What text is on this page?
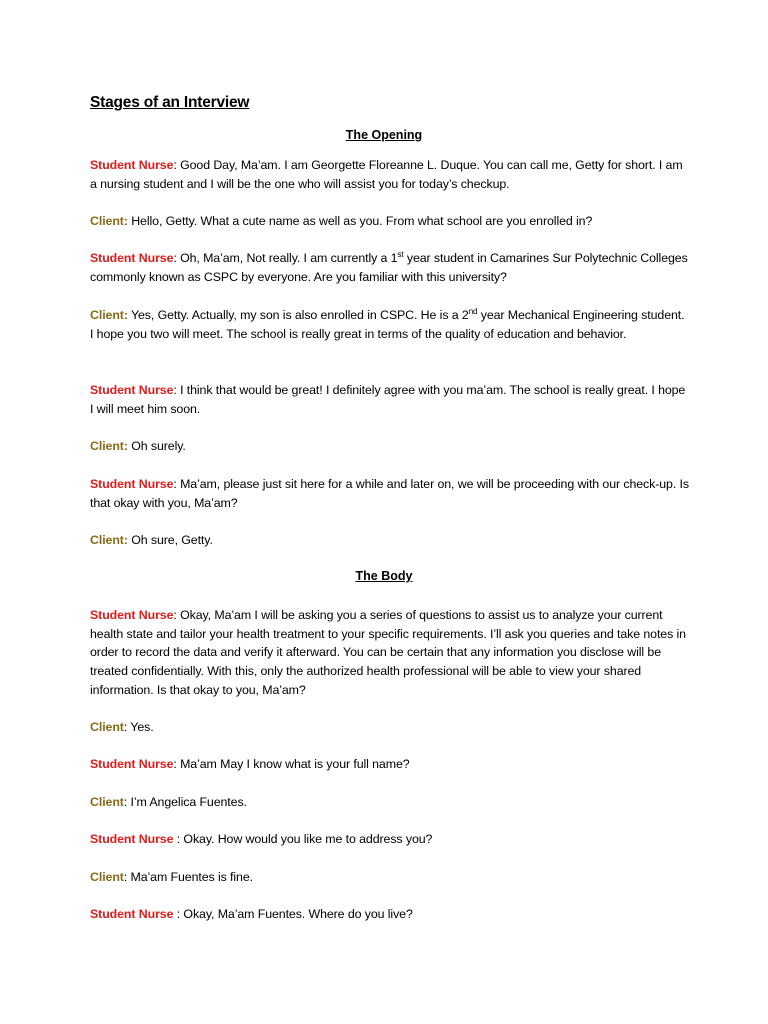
Stages of an Interview
The Opening

Student Nurse: Good Day, Ma’am. I am Georgette Floreanne L. Duque. You can call me, Getty for short. I am a nursing student and I will be the one who will assist you for today’s checkup.

Client: Hello, Getty. What a cute name as well as you. From what school are you enrolled in?

Student Nurse: Oh, Ma’am, Not really. I am currently a 1st year student in Camarines Sur Polytechnic Colleges commonly known as CSPC by everyone. Are you familiar with this university?

Client: Yes, Getty. Actually, my son is also enrolled in CSPC. He is a 2nd year Mechanical Engineering student. I hope you two will meet. The school is really great in terms of the quality of education and behavior.

Student Nurse: I think that would be great! I definitely agree with you ma’am. The school is really great. I hope I will meet him soon.

Client: Oh surely.

Student Nurse: Ma’am, please just sit here for a while and later on, we will be proceeding with our check-up. Is that okay with you, Ma’am?

Client: Oh sure, Getty.

The Body

Student Nurse: Okay, Ma’am I will be asking you a series of questions to assist us to analyze your current health state and tailor your health treatment to your specific requirements. I’ll ask you queries and take notes in order to record the data and verify it afterward. You can be certain that any information you disclose will be treated confidentially. With this, only the authorized health professional will be able to view your shared information. Is that okay to you, Ma’am?

Client: Yes.

Student Nurse: Ma’am May I know what is your full name?

Client: I’m Angelica Fuentes.

Student Nurse : Okay. How would you like me to address you?

Client: Ma’am Fuentes is fine.

Student Nurse : Okay, Ma’am Fuentes. Where do you live?
